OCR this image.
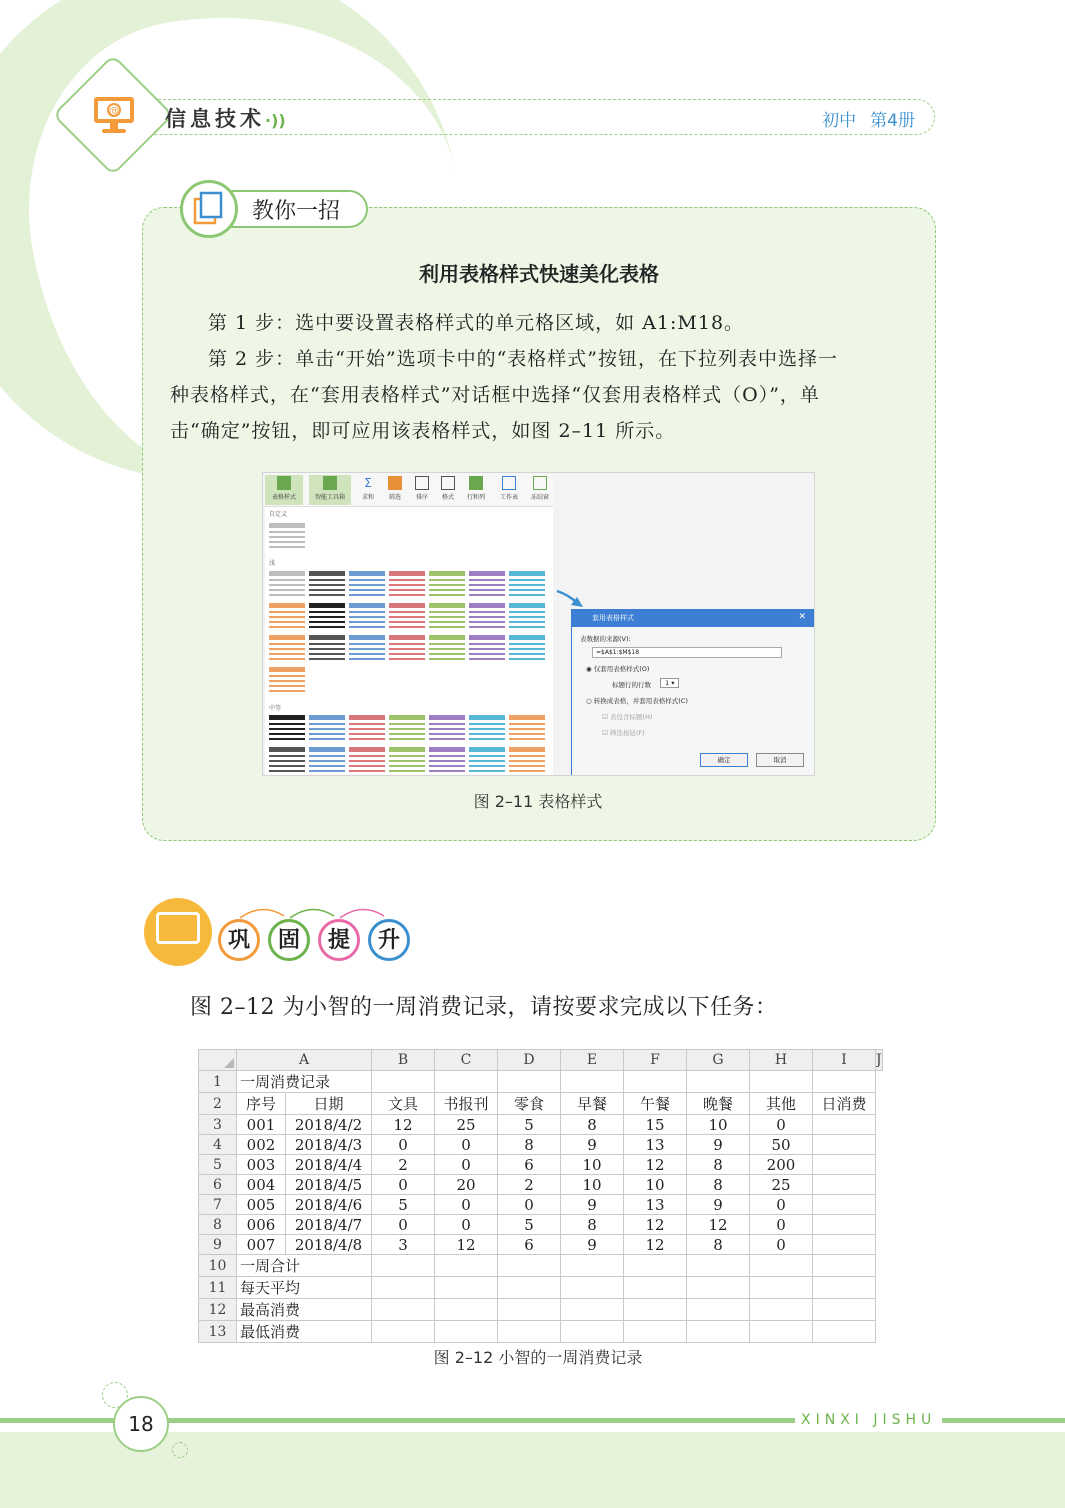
@ 信息技术·))	初中 第4册
教你一招
利用表格样式快速美化表格
第 1 步：选中要设置表格样式的单元格区域，如 A1:M18。
第 2 步：单击“开始”选项卡中的“表格样式”按钮，在下拉列表中选择一
种表格样式，在“套用表格样式”对话框中选择“仅套用表格样式（O）”，单
击“确定”按钮，即可应用该表格样式，如图 2–11 所示。
表格样式	智能工具箱
Σ
求和	筛选	排序	格式	行和列	工作表	冻结窗
自定义
浅
中等
套用表格样式	✕
表数据的来源(V):
=$A$1:$M$18
◉ 仅套用表格样式(O)
标题行的行数	1 ▾
○ 转换成表格，并套用表格样式(C)
☑ 表包含标题(H)
☑ 筛选按钮(F)
确定	取消
图 2–11 表格样式
巩	固	提	升
图 2–12 为小智的一周消费记录，请按要求完成以下任务：
	A		B	C	D	E	F	G	H	I	J
1	一周消费记录										
2	序号	日期	文具	书报刊	零食	早餐	午餐	晚餐	其他	日消费	
3	001	2018/4/2	12	25	5	8	15	10	0		
4	002	2018/4/3	0	0	8	9	13	9	50		
5	003	2018/4/4	2	0	6	10	12	8	200		
6	004	2018/4/5	0	20	2	10	10	8	25		
7	005	2018/4/6	5	0	0	9	13	9	0		
8	006	2018/4/7	0	0	5	8	12	12	0		
9	007	2018/4/8	3	12	6	9	12	8	0		
10	一周合计										
11	每天平均										
12	最高消费										
13	最低消费										
图 2–12 小智的一周消费记录
18	XINXI JISHU
